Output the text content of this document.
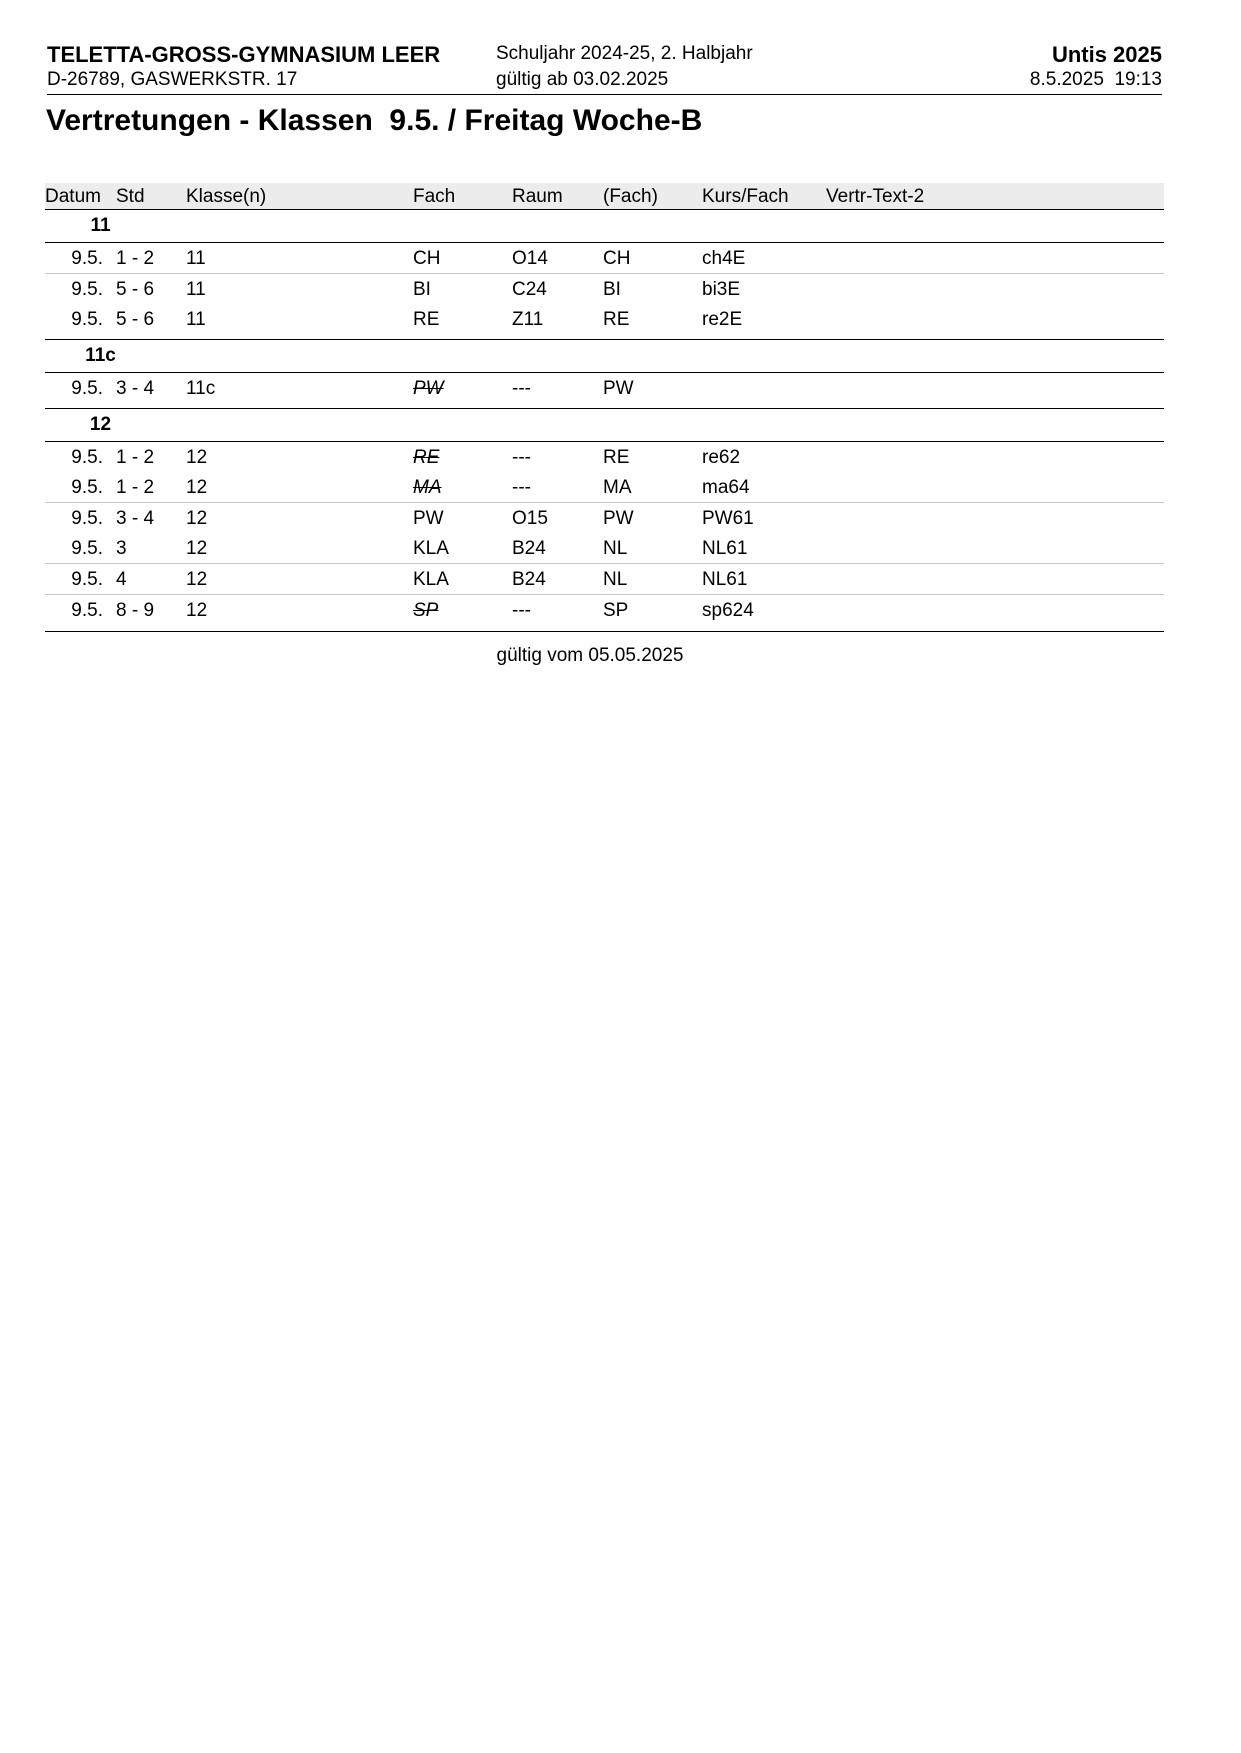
TELETTA-GROSS-GYMNASIUM LEER
D-26789, GASWERKSTR. 17
Schuljahr 2024-25, 2. Halbjahr
gültig ab 03.02.2025
Untis 2025
8.5.2025  19:13
Vertretungen - Klassen  9.5. / Freitag Woche-B
Datum Std Klasse(n)	Fach	Raum (Fach) Kurs/Fach Vertr-Text-2
11
9.5. 1 - 2 11	CH	O14	CH	ch4E
9.5. 5 - 6 11	BI	C24	BI	bi3E
9.5. 5 - 6 11	RE	Z11	RE	re2E
11c
9.5. 3 - 4 11c	PW	---	PW
12
9.5. 1 - 2 12	RE	---	RE	re62
9.5. 1 - 2 12	MA	---	MA	ma64
9.5. 3 - 4 12	PW	O15	PW	PW61
9.5. 3	12	KLA	B24	NL	NL61
9.5. 4	12	KLA	B24	NL	NL61
9.5. 8 - 9 12	SP	---	SP	sp624
gültig vom 05.05.2025
